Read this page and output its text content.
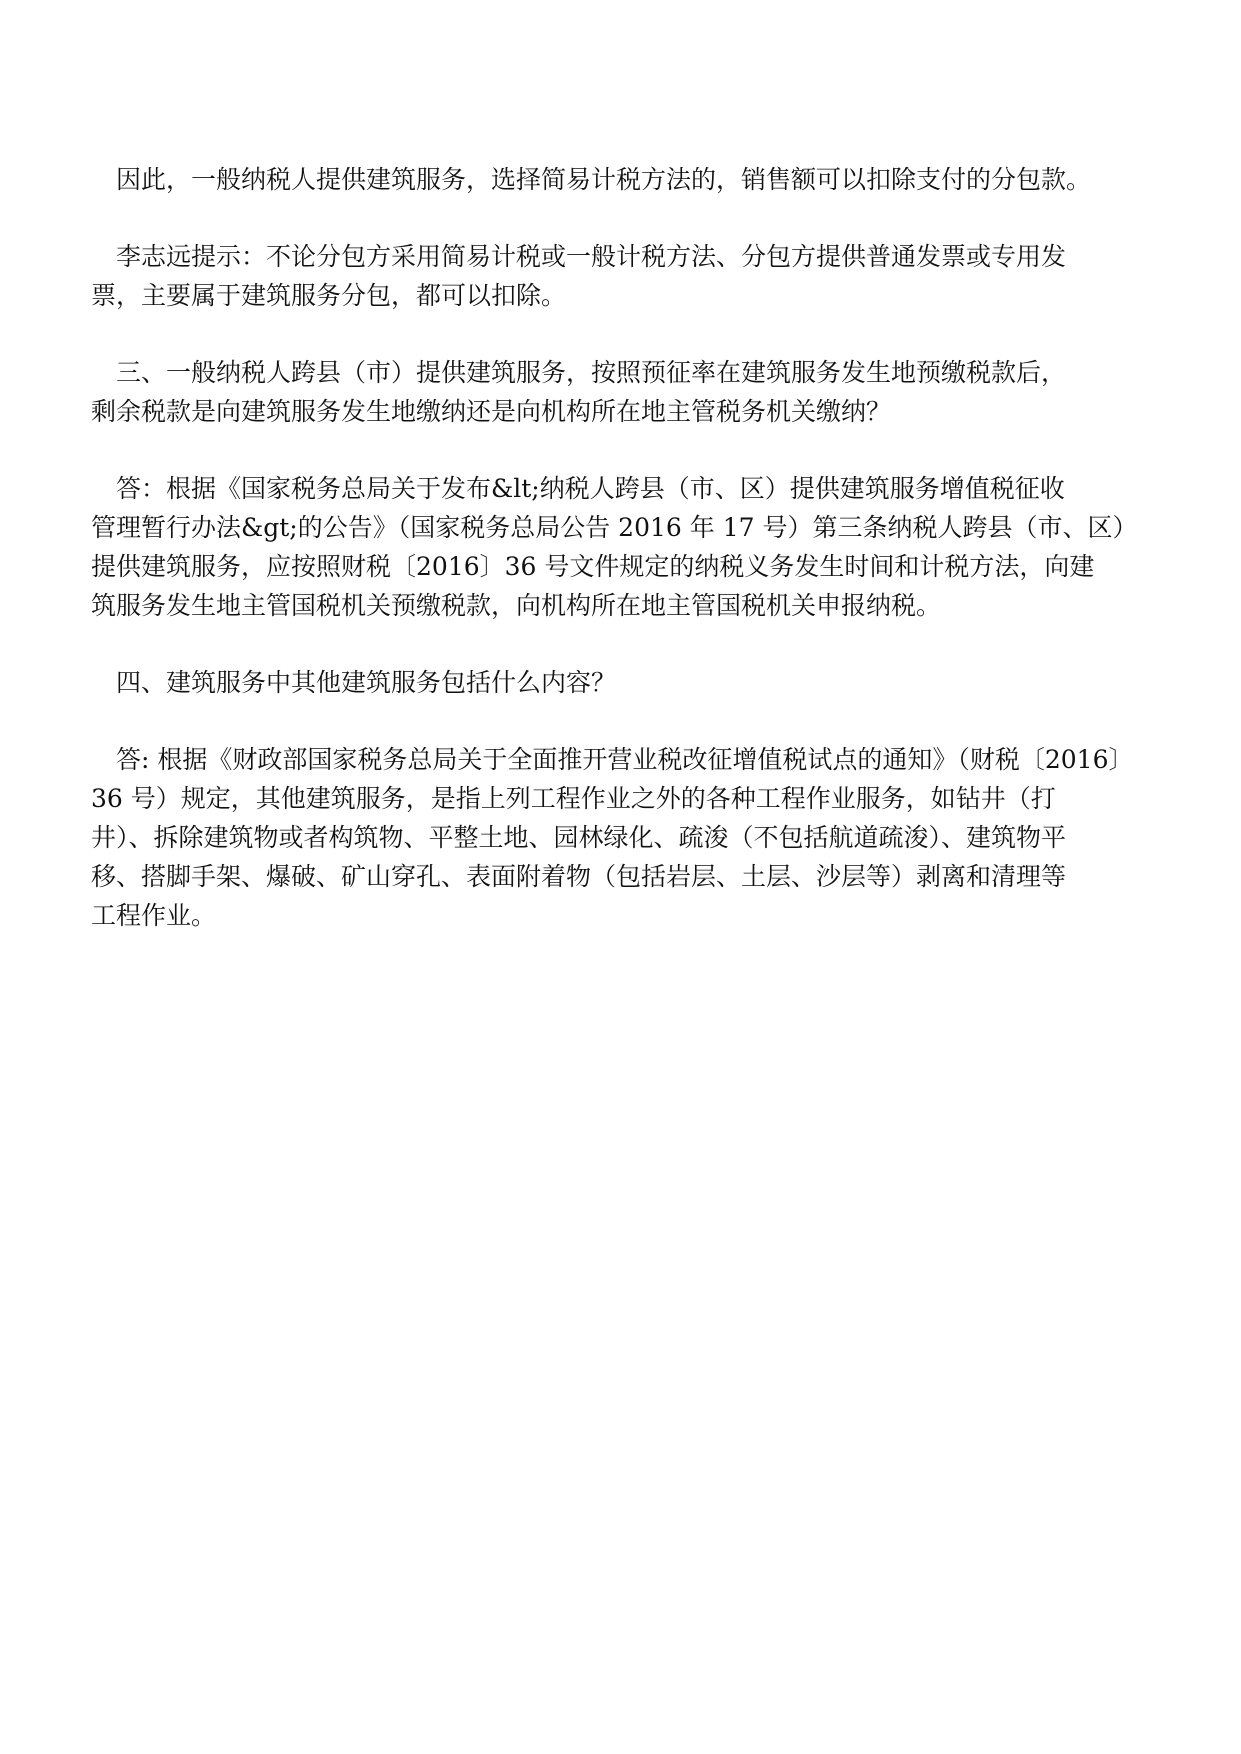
　因此，一般纳税人提供建筑服务，选择简易计税方法的，销售额可以扣除支付的分包款。
　李志远提示：不论分包方采用简易计税或一般计税方法、分包方提供普通发票或专用发
票，主要属于建筑服务分包，都可以扣除。
　三、一般纳税人跨县（市）提供建筑服务，按照预征率在建筑服务发生地预缴税款后，
剩余税款是向建筑服务发生地缴纳还是向机构所在地主管税务机关缴纳？
　答：根据《国家税务总局关于发布&lt;纳税人跨县（市、区）提供建筑服务增值税征收
管理暂行办法&gt;的公告》（国家税务总局公告 2016 年 17 号）第三条纳税人跨县（市、区）
提供建筑服务，应按照财税〔2016〕36 号文件规定的纳税义务发生时间和计税方法，向建
筑服务发生地主管国税机关预缴税款，向机构所在地主管国税机关申报纳税。
　四、建筑服务中其他建筑服务包括什么内容？
　答: 根据《财政部国家税务总局关于全面推开营业税改征增值税试点的通知》（财税〔2016〕
36 号）规定，其他建筑服务，是指上列工程作业之外的各种工程作业服务，如钻井（打
井）、拆除建筑物或者构筑物、平整土地、园林绿化、疏浚（不包括航道疏浚）、建筑物平
移、搭脚手架、爆破、矿山穿孔、表面附着物（包括岩层、土层、沙层等）剥离和清理等
工程作业。
